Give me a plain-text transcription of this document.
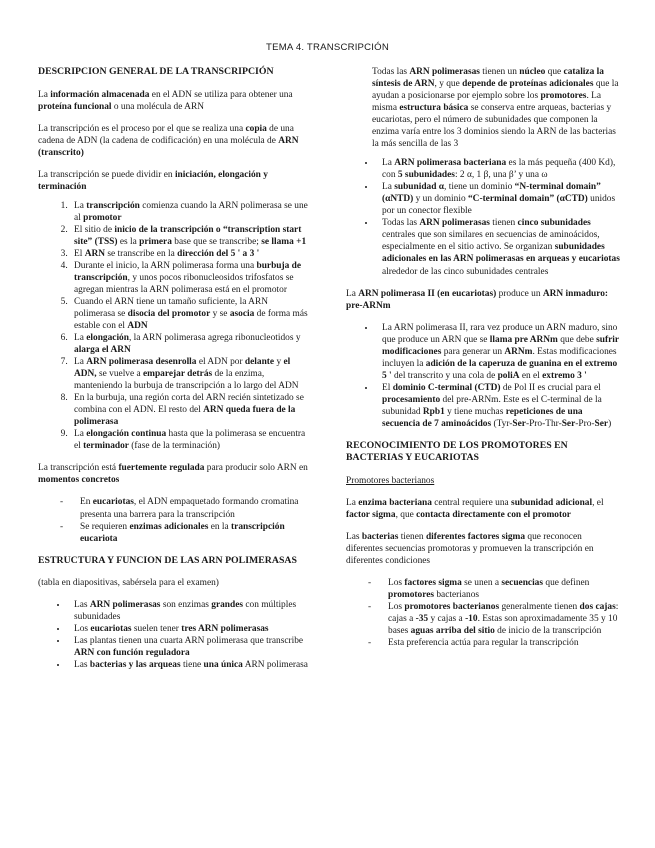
TEMA 4. TRANSCRIPCIÓN
DESCRIPCION GENERAL DE LA TRANSCRIPCIÓN
La información almacenada en el ADN se utiliza para obtener una proteína funcional o una molécula de ARN
La transcripción es el proceso por el que se realiza una copia de una cadena de ADN (la cadena de codificación) en una molécula de ARN (transcrito)
La transcripción se puede dividir en iniciación, elongación y terminación
1. La transcripción comienza cuando la ARN polimerasa se une al promotor
2. El sitio de inicio de la transcripción o “transcription start site” (TSS) es la primera base que se transcribe; se llama +1
3. El ARN se transcribe en la dirección del 5 ' a 3 '
4. Durante el inicio, la ARN polimerasa forma una burbuja de transcripción, y unos pocos ribonucleosidos trifosfatos se agregan mientras la ARN polimerasa está en el promotor
5. Cuando el ARN tiene un tamaño suficiente, la ARN polimerasa se disocia del promotor y se asocia de forma más estable con el ADN
6. La elongación, la ARN polimerasa agrega ribonucleotidos y alarga el ARN
7. La ARN polimerasa desenrolla el ADN por delante y el ADN, se vuelve a emparejar detrás de la enzima, manteniendo la burbuja de transcripción a lo largo del ADN
8. En la burbuja, una región corta del ARN recién sintetizado se combina con el ADN. El resto del ARN queda fuera de la polimerasa
9. La elongación continua hasta que la polimerasa se encuentra el terminador (fase de la terminación)
La transcripción está fuertemente regulada para producir solo ARN en momentos concretos
- En eucariotas, el ADN empaquetado formando cromatina presenta una barrera para la transcripción
- Se requieren enzimas adicionales en la transcripción eucariota
ESTRUCTURA Y FUNCION DE LAS ARN POLIMERASAS
(tabla en diapositivas, sabérsela para el examen)
• Las ARN polimerasas son enzimas grandes con múltiples subunidades
• Los eucariotas suelen tener tres ARN polimerasas
• Las plantas tienen una cuarta ARN polimerasa que transcribe ARN con función reguladora
• Las bacterias y las arqueas tiene una única ARN polimerasa
Todas las ARN polimerasas tienen un núcleo que cataliza la síntesis de ARN, y que depende de proteínas adicionales que la ayudan a posicionarse por ejemplo sobre los promotores. La misma estructura básica se conserva entre arqueas, bacterias y eucariotas, pero el número de subunidades que componen la enzima varía entre los 3 dominios siendo la ARN de las bacterias la más sencilla de las 3
• La ARN polimerasa bacteriana es la más pequeña (400 Kd), con 5 subunidades: 2 α, 1 β, una β’ y una ω
• La subunidad α, tiene un dominio “N-terminal domain” (αNTD) y un dominio “C-terminal domain” (αCTD) unidos por un conector flexible
• Todas las ARN polimerasas tienen cinco subunidades centrales que son similares en secuencias de aminoácidos, especialmente en el sitio activo. Se organizan subunidades adicionales en las ARN polimerasas en arqueas y eucariotas alrededor de las cinco subunidades centrales
La ARN polimerasa II (en eucariotas) produce un ARN inmaduro: pre-ARNm
• La ARN polimerasa II, rara vez produce un ARN maduro, sino que produce un ARN que se llama pre ARNm que debe sufrir modificaciones para generar un ARNm. Estas modificaciones incluyen la adición de la caperuza de guanina en el extremo 5 ' del transcrito y una cola de poliA en el extremo 3 '
• El dominio C-terminal (CTD) de Pol II es crucial para el procesamiento del pre-ARNm. Este es el C-terminal de la subunidad Rpb1 y tiene muchas repeticiones de una secuencia de 7 aminoácidos (Tyr-Ser-Pro-Thr-Ser-Pro-Ser)
RECONOCIMIENTO DE LOS PROMOTORES EN BACTERIAS Y EUCARIOTAS
Promotores bacterianos
La enzima bacteriana central requiere una subunidad adicional, el factor sigma, que contacta directamente con el promotor
Las bacterias tienen diferentes factores sigma que reconocen diferentes secuencias promotoras y promueven la transcripción en diferentes condiciones
- Los factores sigma se unen a secuencias que definen promotores bacterianos
- Los promotores bacterianos generalmente tienen dos cajas: cajas a -35 y cajas a -10. Estas son aproximadamente 35 y 10 bases aguas arriba del sitio de inicio de la transcripción
- Esta preferencia actúa para regular la transcripción
